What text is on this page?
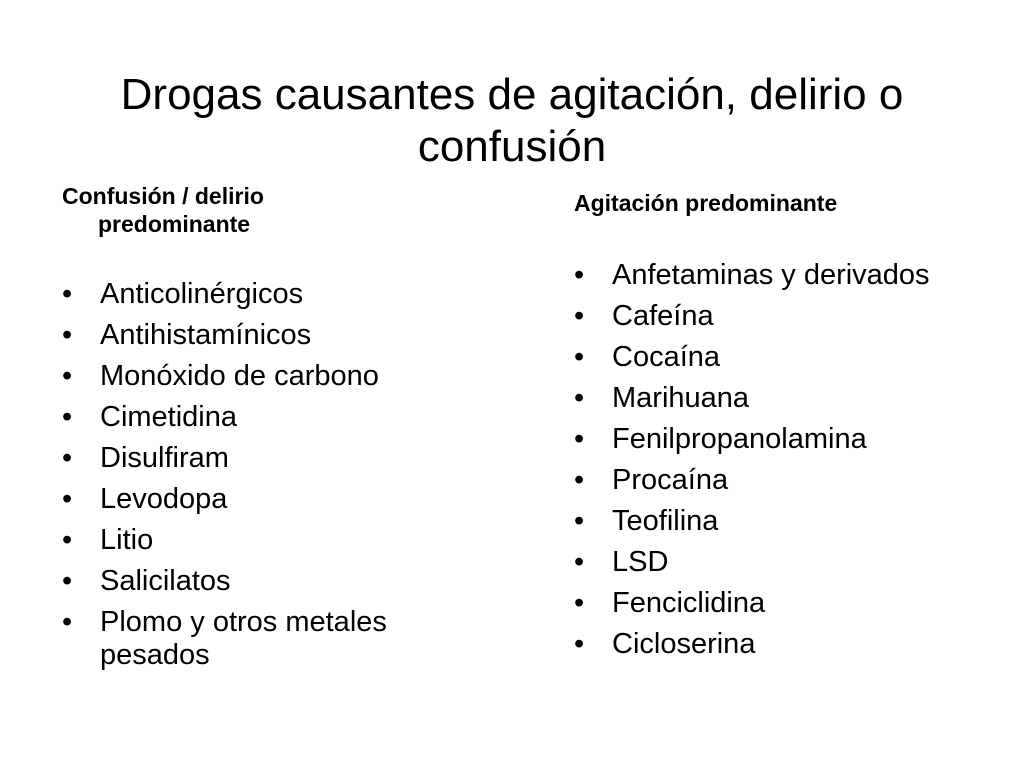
Drogas causantes de agitación, delirio o confusión

Confusión / delirio
predominante

• Anticolinérgicos
• Antihistamínicos
• Monóxido de carbono
• Cimetidina
• Disulfiram
• Levodopa
• Litio
• Salicilatos
• Plomo y otros metales pesados

Agitación predominante

• Anfetaminas y derivados
• Cafeína
• Cocaína
• Marihuana
• Fenilpropanolamina
• Procaína
• Teofilina
• LSD
• Fenciclidina
• Cicloserina
